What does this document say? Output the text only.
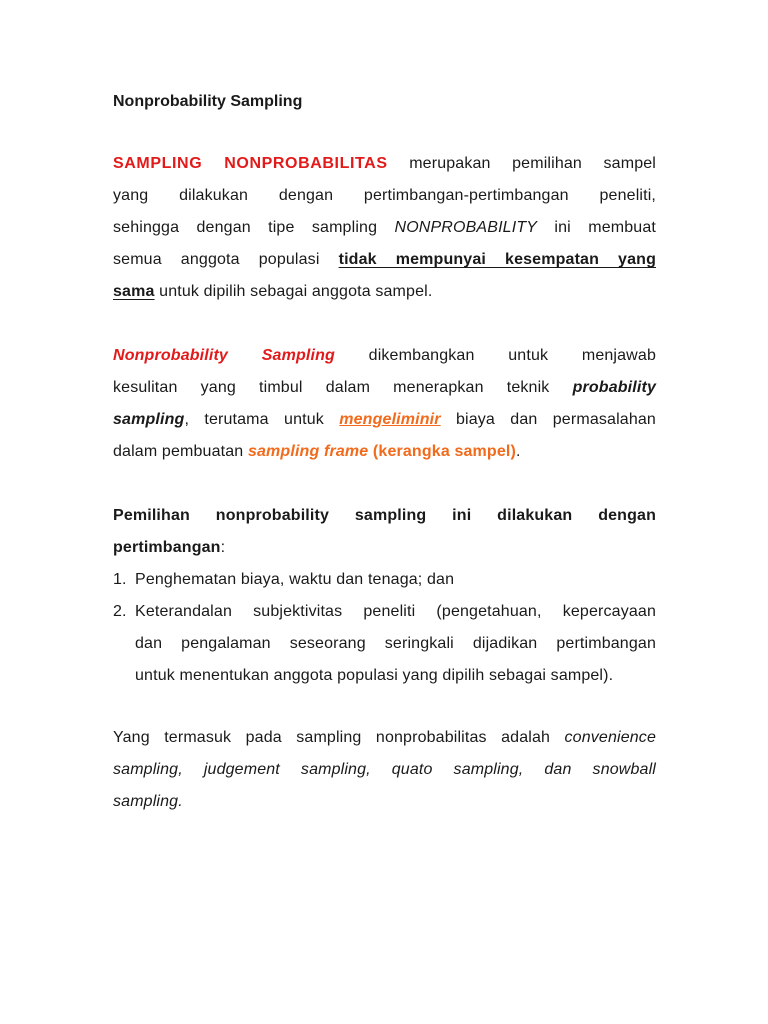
Nonprobability Sampling
SAMPLING NONPROBABILITAS merupakan pemilihan sampel
yang dilakukan dengan pertimbangan-pertimbangan peneliti,
sehingga dengan tipe sampling NONPROBABILITY ini membuat
semua anggota populasi tidak mempunyai kesempatan yang
sama untuk dipilih sebagai anggota sampel.
Nonprobability Sampling dikembangkan untuk menjawab
kesulitan yang timbul dalam menerapkan teknik probability
sampling, terutama untuk mengeliminir biaya dan permasalahan
dalam pembuatan sampling frame (kerangka sampel).
Pemilihan nonprobability sampling ini dilakukan dengan
pertimbangan:
1. Penghematan biaya, waktu dan tenaga; dan
2. Keterandalan subjektivitas peneliti (pengetahuan, kepercayaan
dan pengalaman seseorang seringkali dijadikan pertimbangan
untuk menentukan anggota populasi yang dipilih sebagai sampel).
Yang termasuk pada sampling nonprobabilitas adalah convenience
sampling, judgement sampling, quato sampling, dan snowball
sampling.
